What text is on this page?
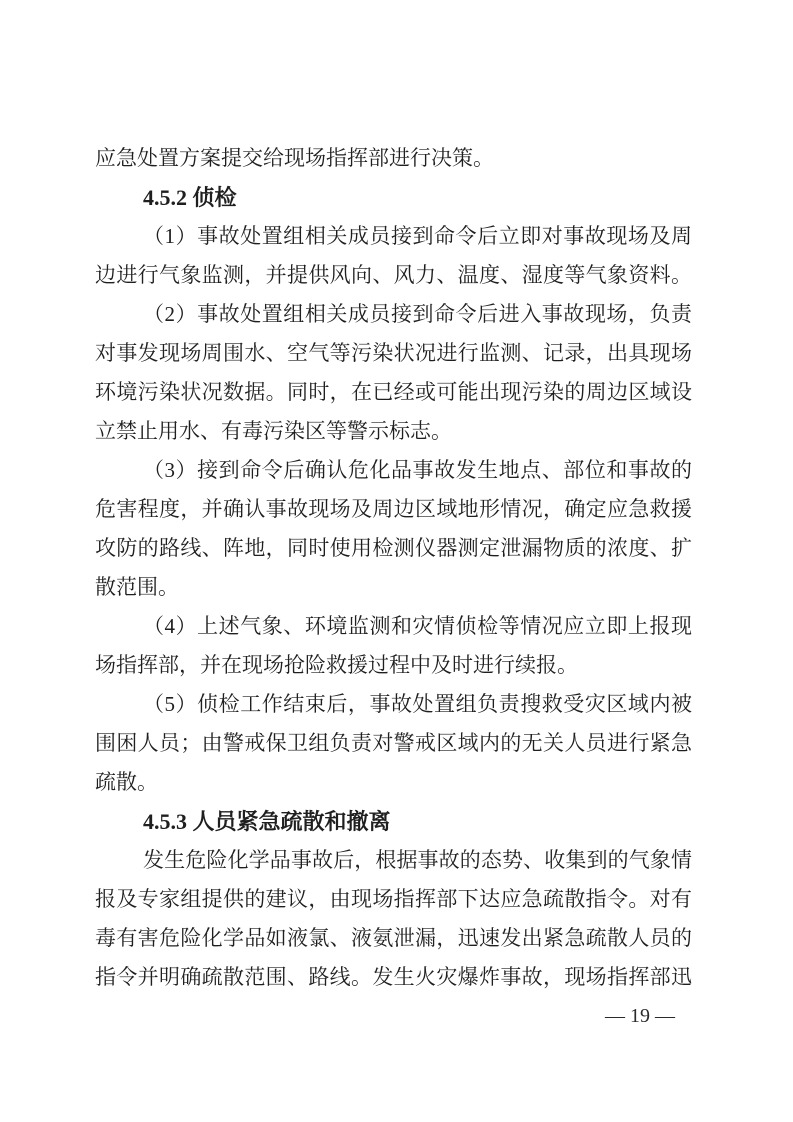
应急处置方案提交给现场指挥部进行决策。
4.5.2 侦检
（1）事故处置组相关成员接到命令后立即对事故现场及周
边进行气象监测，并提供风向、风力、温度、湿度等气象资料。
（2）事故处置组相关成员接到命令后进入事故现场，负责
对事发现场周围水、空气等污染状况进行监测、记录，出具现场
环境污染状况数据。同时，在已经或可能出现污染的周边区域设
立禁止用水、有毒污染区等警示标志。
（3）接到命令后确认危化品事故发生地点、部位和事故的
危害程度，并确认事故现场及周边区域地形情况，确定应急救援
攻防的路线、阵地，同时使用检测仪器测定泄漏物质的浓度、扩
散范围。
（4）上述气象、环境监测和灾情侦检等情况应立即上报现
场指挥部，并在现场抢险救援过程中及时进行续报。
（5）侦检工作结束后，事故处置组负责搜救受灾区域内被
围困人员；由警戒保卫组负责对警戒区域内的无关人员进行紧急
疏散。
4.5.3 人员紧急疏散和撤离
发生危险化学品事故后，根据事故的态势、收集到的气象情
报及专家组提供的建议，由现场指挥部下达应急疏散指令。对有
毒有害危险化学品如液氯、液氨泄漏，迅速发出紧急疏散人员的
指令并明确疏散范围、路线。发生火灾爆炸事故，现场指挥部迅
— 19 —
